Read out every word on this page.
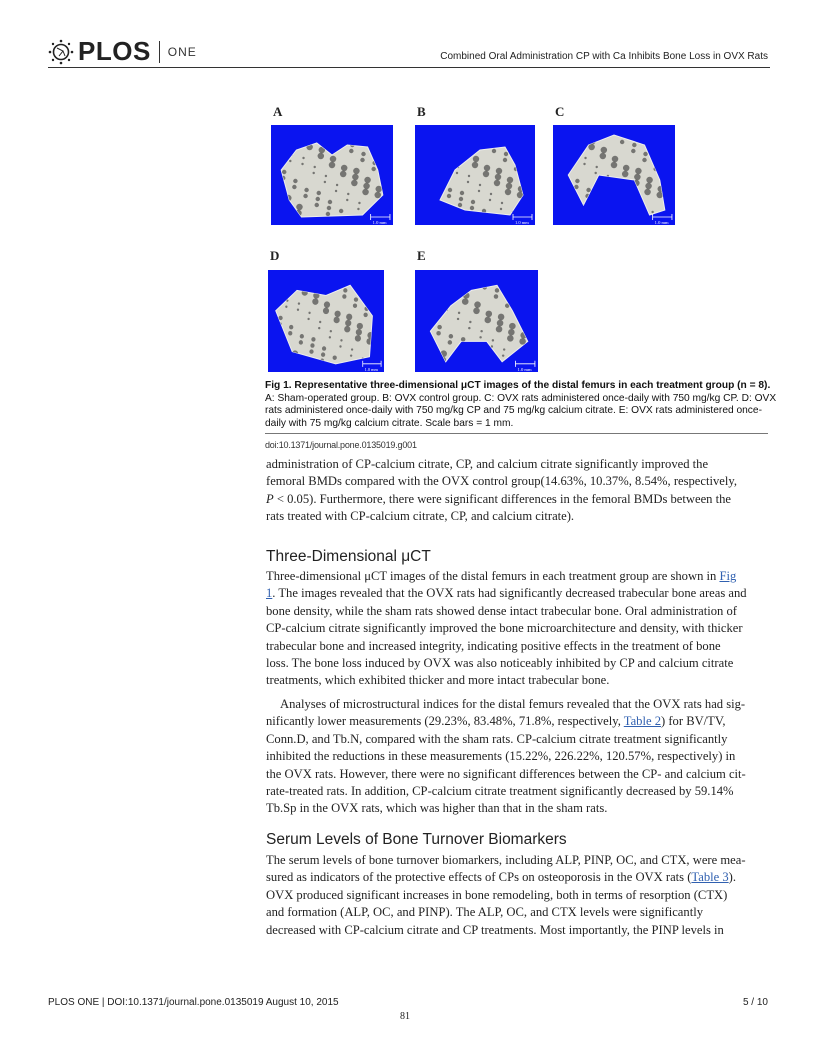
PLOS ONE	Combined Oral Administration CP with Ca Inhibits Bone Loss in OVX Rats
A
1.0 mm
B
1.0 mm
C
1.0 mm
D
1.0 mm
E
1.0 mm
Fig 1. Representative three-dimensional μCT images of the distal femurs in each treatment group (n = 8). A: Sham-operated group. B: OVX control group. C: OVX rats administered once-daily with 750 mg/kg CP. D: OVX rats administered once-daily with 750 mg/kg CP and 75 mg/kg calcium citrate. E: OVX rats administered once-daily with 75 mg/kg calcium citrate. Scale bars = 1 mm.
doi:10.1371/journal.pone.0135019.g001
administration of CP-calcium citrate, CP, and calcium citrate significantly improved the
femoral BMDs compared with the OVX control group(14.63%, 10.37%, 8.54%, respectively,
P < 0.05). Furthermore, there were significant differences in the femoral BMDs between the
rats treated with CP-calcium citrate, CP, and calcium citrate).
Three-Dimensional μCT
Three-dimensional μCT images of the distal femurs in each treatment group are shown in Fig
1. The images revealed that the OVX rats had significantly decreased trabecular bone areas and
bone density, while the sham rats showed dense intact trabecular bone. Oral administration of
CP-calcium citrate significantly improved the bone microarchitecture and density, with thicker
trabecular bone and increased integrity, indicating positive effects in the treatment of bone
loss. The bone loss induced by OVX was also noticeably inhibited by CP and calcium citrate
treatments, which exhibited thicker and more intact trabecular bone.
Analyses of microstructural indices for the distal femurs revealed that the OVX rats had sig-
nificantly lower measurements (29.23%, 83.48%, 71.8%, respectively, Table 2) for BV/TV,
Conn.D, and Tb.N, compared with the sham rats. CP-calcium citrate treatment significantly
inhibited the reductions in these measurements (15.22%, 226.22%, 120.57%, respectively) in
the OVX rats. However, there were no significant differences between the CP- and calcium cit-
rate-treated rats. In addition, CP-calcium citrate treatment significantly decreased by 59.14%
Tb.Sp in the OVX rats, which was higher than that in the sham rats.
Serum Levels of Bone Turnover Biomarkers
The serum levels of bone turnover biomarkers, including ALP, PINP, OC, and CTX, were mea-
sured as indicators of the protective effects of CPs on osteoporosis in the OVX rats (Table 3).
OVX produced significant increases in bone remodeling, both in terms of resorption (CTX)
and formation (ALP, OC, and PINP). The ALP, OC, and CTX levels were significantly
decreased with CP-calcium citrate and CP treatments. Most importantly, the PINP levels in
PLOS ONE | DOI:10.1371/journal.pone.0135019 August 10, 2015	5 / 10
81
